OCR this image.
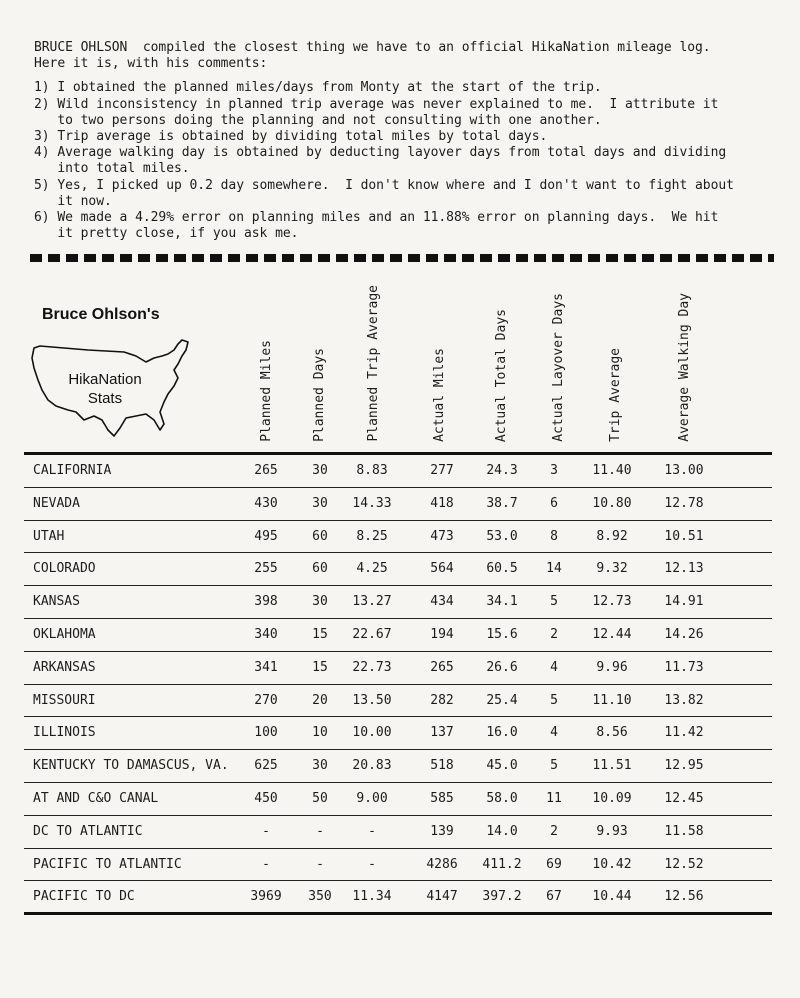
BRUCE OHLSON  compiled the closest thing we have to an official HikaNation mileage log.

Here it is, with his comments:

1) I obtained the planned miles/days from Monty at the start of the trip.

2) Wild inconsistency in planned trip average was never explained to me.  I attribute it

to two persons doing the planning and not consulting with one another.

3) Trip average is obtained by dividing total miles by total days.

4) Average walking day is obtained by deducting layover days from total days and dividing

into total miles.

5) Yes, I picked up 0.2 day somewhere.  I don't know where and I don't want to fight about

it now.

6) We made a 4.29% error on planning miles and an 11.88% error on planning days.  We hit

it pretty close, if you ask me.

Bruce Ohlson's
HikaNation
Stats	Planned Miles	Planned Days	Planned Trip Average	Actual Miles	Actual Total Days	Actual Layover Days	Trip Average	Average Walking Day
CALIFORNIA	265	30 8.83	277	24.3 3	11.40	13.00
NEVADA	430	30 14.33	418	38.7 6	10.80	12.78
UTAH	495	60 8.25	473	53.0 8	8.92	10.51
COLORADO	255	60 4.25	564	60.5 14	9.32	12.13
KANSAS	398	30 13.27	434	34.1 5	12.73	14.91
OKLAHOMA	340	15 22.67	194	15.6 2	12.44	14.26
ARKANSAS	341	15 22.73	265	26.6 4	9.96	11.73
MISSOURI	270	20 13.50	282	25.4 5	11.10	13.82
ILLINOIS	100	10 10.00	137	16.0 4	8.56	11.42
KENTUCKY TO DAMASCUS, VA. 625	30 20.83	518	45.0 5	11.51	12.95
AT AND C&O CANAL	450	50 9.00	585	58.0 11 10.09	12.45
DC TO ATLANTIC	-	-	-	139	14.0 2	9.93	11.58
PACIFIC TO ATLANTIC	-	-	-	4286 411.2 69 10.42	12.52
PACIFIC TO DC	3969 350 11.34	4147 397.2 67 10.44	12.56
